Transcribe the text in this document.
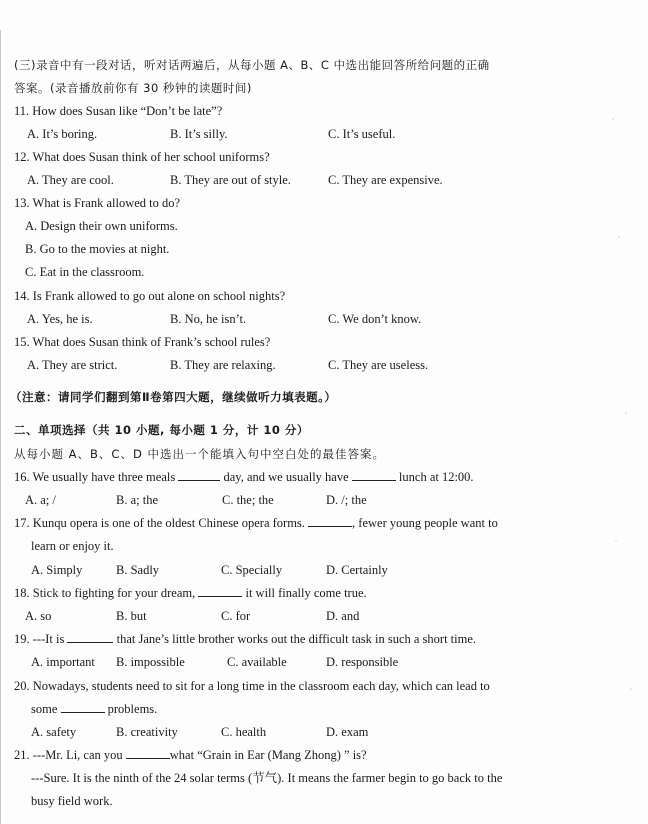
(三)录音中有一段对话，听对话两遍后，从每小题 A、B、C 中选出能回答所给问题的正确
答案。(录音播放前你有 30 秒钟的读题时间)
11. How does Susan like “Don’t be late”?
A. It’s boring.	B. It’s silly.	C. It’s useful.
12. What does Susan think of her school uniforms?
A. They are cool.	B. They are out of style.	C. They are expensive.
13. What is Frank allowed to do?
A. Design their own uniforms.
B. Go to the movies at night.
C. Eat in the classroom.
14. Is Frank allowed to go out alone on school nights?
A. Yes, he is.	B. No, he isn’t.	C. We don’t know.
15. What does Susan think of Frank’s school rules?
A. They are strict.	B. They are relaxing.	C. They are useless.
（注意：请同学们翻到第Ⅱ卷第四大题，继续做听力填表题。）
二、单项选择（共 10 小题, 每小题 1 分，计 10 分）
从每小题 A、B、C、D 中选出一个能填入句中空白处的最佳答案。
16. We usually have three meals	day, and we usually have	lunch at 12:00.
A. a; /	B. a; the	C. the; the	D. /; the
17. Kunqu opera is one of the oldest Chinese opera forms.	, fewer young people want to
learn or enjoy it.
A. Simply	B. Sadly	C. Specially	D. Certainly
18. Stick to fighting for your dream,	it will finally come true.
A. so	B. but	C. for	D. and
19. ---It is	that Jane’s little brother works out the difficult task in such a short time.
A. important B. impossible	C. available	D. responsible
20. Nowadays, students need to sit for a long time in the classroom each day, which can lead to
some	problems.
A. safety	B. creativity	C. health	D. exam
21. ---Mr. Li, can you	what “Grain in Ear (Mang Zhong) ” is?
---Sure. It is the ninth of the 24 solar terms (节气). It means the farmer begin to go back to the
busy field work.
